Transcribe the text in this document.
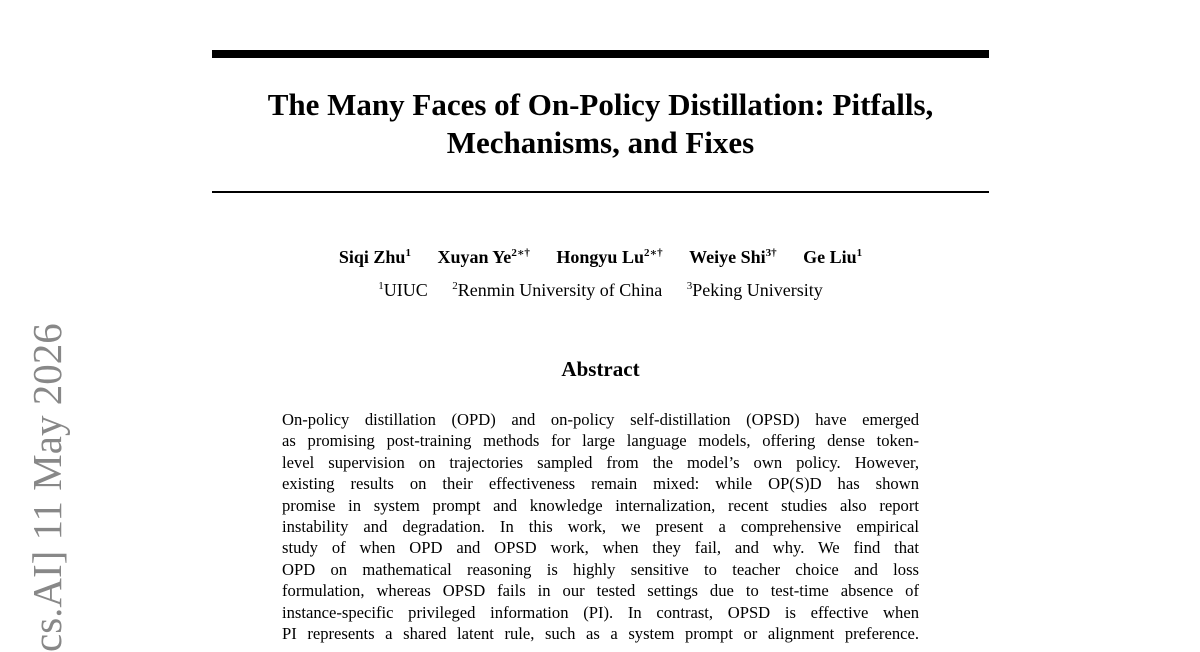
The Many Faces of On-Policy Distillation: Pitfalls,
Mechanisms, and Fixes
Siqi Zhu$^1$ Xuyan $Ye^{2∗\dagger}$ Hongyu $Lu^{2∗\dagger}$ Weiye Shi$^{3\dagger}$ Ge Liu$^1$
$^1$UIUC $^2$Renmin University of China $^3$Peking University
Abstract
On-policy distillation (OPD) and on-policy self-distillation (OPSD) have emerged
as promising post-training methods for large language models, offering dense token-
level supervision on trajectories sampled from the model’s own policy. However,
existing results on their effectiveness remain mixed: while OP(S)D has shown
promise in system prompt and knowledge internalization, recent studies also report
instability and degradation. In this work, we present a comprehensive empirical
study of when OPD and OPSD work, when they fail, and why. We find that
OPD on mathematical reasoning is highly sensitive to teacher choice and loss
formulation, whereas OPSD fails in our tested settings due to test-time absence of
instance-specific privileged information (PI). In contrast, OPSD is effective when
PI represents a shared latent rule, such as a system prompt or alignment preference.
cs.AI] 11 May 2026
